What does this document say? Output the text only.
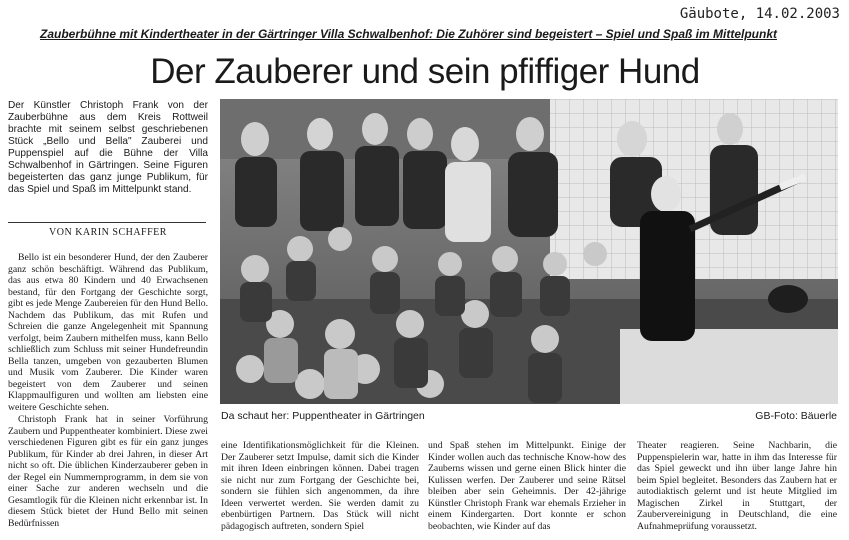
Gäubote, 14.02.2003
Zauberbühne mit Kindertheater in der Gärtringer Villa Schwalbenhof: Die Zuhörer sind begeistert – Spiel und Spaß im Mittelpunkt
Der Zauberer und sein pfiffiger Hund
Der Künstler Christoph Frank von der Zauberbühne aus dem Kreis Rottweil brachte mit seinem selbst geschriebenen Stück „Bello und Bella" Zauberei und Puppenspiel auf die Bühne der Villa Schwalbenhof in Gärtringen. Seine Figuren begeisterten das ganz junge Publikum, für das Spiel und Spaß im Mittelpunkt stand.
VON KARIN SCHAFFER

Bello ist ein besonderer Hund, der den Zauberer ganz schön beschäftigt. Während das Publikum, das aus etwa 80 Kindern und 40 Erwachsenen bestand, für den Fortgang der Geschichte sorgt, gibt es jede Menge Zaubereien für den Hund Bello. Nachdem das Publikum, das mit Rufen und Schreien die ganze Angelegenheit mit Spannung verfolgt, beim Zaubern mithelfen muss, kann Bello schließlich zum Schluss mit seiner Hundefreundin Bella tanzen, umgeben von gezauberten Blumen und Musik vom Zauberer. Die Kinder waren begeistert von dem Zauberer und seinen Klappmaulfiguren und wollten am liebsten eine weitere Geschichte sehen.

Christoph Frank hat in seiner Vorführung Zaubern und Puppentheater kombiniert. Diese zwei verschiedenen Figuren gibt es für ein ganz junges Publikum, für Kinder ab drei Jahren, in dieser Art nicht so oft. Die üblichen Kinderzauberer geben in der Regel ein Nummernprogramm, in dem sie von einer Sache zur anderen wechseln und die Gesamtlogik für die Kleinen nicht erkennbar ist. In diesem Stück bietet der Hund Bello mit seinen Bedürfnissen

Da schaut her: Puppentheater in Gärtringen	GB-Foto: Bäuerle

eine Identifikationsmöglichkeit für die Kleinen. Der Zauberer setzt Impulse, damit sich die Kinder mit ihren Ideen einbringen können. Dabei tragen sie nicht nur zum Fortgang der Geschichte bei, sondern sie fühlen sich angenommen, da ihre Ideen verwertet werden. Sie werden damit zu ebenbürtigen Partnern. Das Stück will nicht pädagogisch auftreten, sondern Spiel

und Spaß stehen im Mittelpunkt. Einige der Kinder wollen auch das technische Know-how des Zauberns wissen und gerne einen Blick hinter die Kulissen werfen. Der Zauberer und seine Rätsel bleiben aber sein Geheimnis. Der 42-jährige Künstler Christoph Frank war ehemals Erzieher in einem Kindergarten. Dort konnte er schon beobachten, wie Kinder auf das

Theater reagieren. Seine Nachbarin, die Puppenspielerin war, hatte in ihm das Interesse für das Spiel geweckt und ihn über lange Jahre hin beim Spiel begleitet. Besonders das Zaubern hat er autodiaktisch gelernt und ist heute Mitglied im Magischen Zirkel in Stuttgart, der Zaubervereinigung in Deutschland, die eine Aufnahmeprüfung voraussetzt.
